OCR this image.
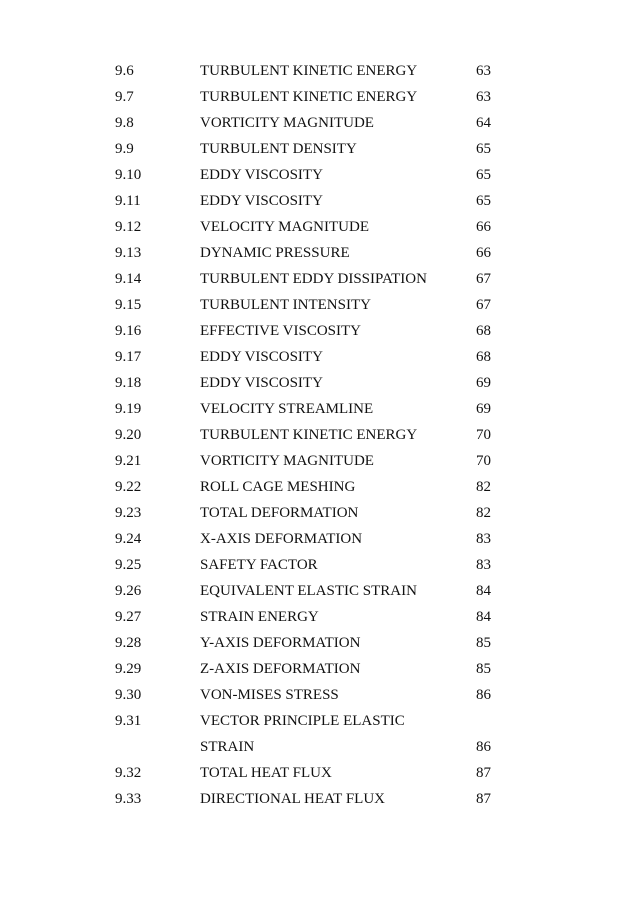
9.6	TURBULENT KINETIC ENERGY	63
9.7	TURBULENT KINETIC ENERGY	63
9.8	VORTICITY MAGNITUDE	64
9.9	TURBULENT DENSITY	65
9.10	EDDY VISCOSITY	65
9.11	EDDY VISCOSITY	65
9.12	VELOCITY MAGNITUDE	66
9.13	DYNAMIC PRESSURE	66
9.14	TURBULENT EDDY DISSIPATION	67
9.15	TURBULENT INTENSITY	67
9.16	EFFECTIVE VISCOSITY	68
9.17	EDDY VISCOSITY	68
9.18	EDDY VISCOSITY	69
9.19	VELOCITY STREAMLINE	69
9.20	TURBULENT KINETIC ENERGY	70
9.21	VORTICITY MAGNITUDE	70
9.22	ROLL CAGE MESHING	82
9.23	TOTAL DEFORMATION	82
9.24	X-AXIS DEFORMATION	83
9.25	SAFETY FACTOR	83
9.26	EQUIVALENT ELASTIC STRAIN	84
9.27	STRAIN ENERGY	84
9.28	Y-AXIS DEFORMATION	85
9.29	Z-AXIS DEFORMATION	85
9.30	VON-MISES STRESS	86
9.31	VECTOR PRINCIPLE ELASTIC
STRAIN	86
9.32	TOTAL HEAT FLUX	87
9.33	DIRECTIONAL HEAT FLUX	87
